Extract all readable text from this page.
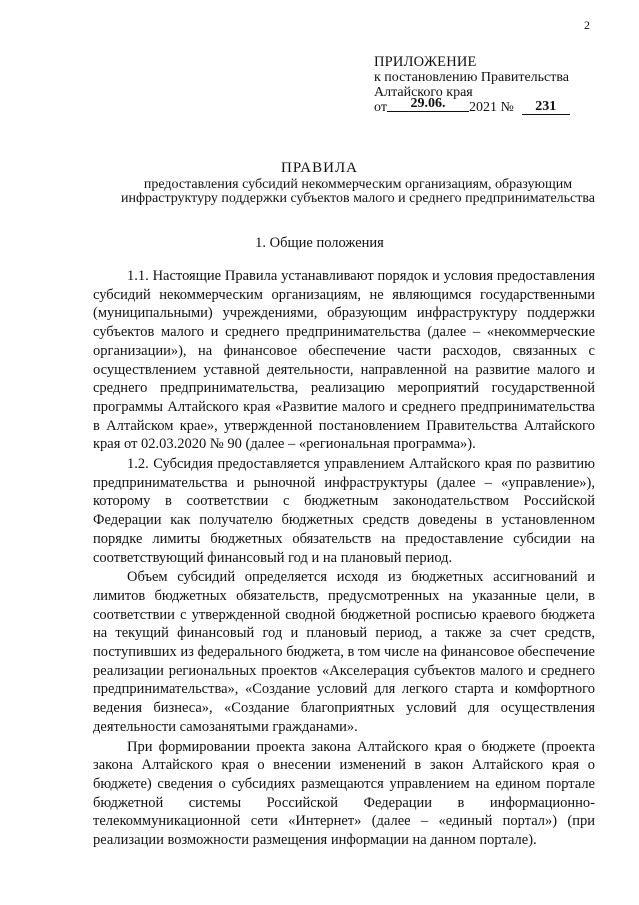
2
ПРИЛОЖЕНИЕ
к постановлению Правительства
Алтайского края
от	29.06.	2021 №	231
ПРАВИЛА
предоставления субсидий некоммерческим организациям, образующим инфраструктуру поддержки субъектов малого и среднего предпринимательства
1. Общие положения

1.1. Настоящие Правила устанавливают порядок и условия предоставления субсидий некоммерческим организациям, не являющимся государственными (муниципальными) учреждениями, образующим инфраструктуру поддержки субъектов малого и среднего предпринимательства (далее – «некоммерческие организации»), на финансовое обеспечение части расходов, связанных с осуществлением уставной деятельности, направленной на развитие малого и среднего предпринимательства, реализацию мероприятий государственной программы Алтайского края «Развитие малого и среднего предпринимательства в Алтайском крае», утвержденной постановлением Правительства Алтайского края от 02.03.2020 № 90 (далее – «региональная программа»).

1.2. Субсидия предоставляется управлением Алтайского края по развитию предпринимательства и рыночной инфраструктуры (далее – «управление»), которому в соответствии с бюджетным законодательством Российской Федерации как получателю бюджетных средств доведены в установленном порядке лимиты бюджетных обязательств на предоставление субсидии на соответствующий финансовый год и на плановый период.

Объем субсидий определяется исходя из бюджетных ассигнований и лимитов бюджетных обязательств, предусмотренных на указанные цели, в соответствии с утвержденной сводной бюджетной росписью краевого бюджета на текущий финансовый год и плановый период, а также за счет средств, поступивших из федерального бюджета, в том числе на финансовое обеспечение реализации региональных проектов «Акселерация субъектов малого и среднего предпринимательства», «Создание условий для легкого старта и комфортного ведения бизнеса», «Создание благоприятных условий для осуществления деятельности самозанятыми гражданами».

При формировании проекта закона Алтайского края о бюджете (проекта закона Алтайского края о внесении изменений в закон Алтайского края о бюджете) сведения о субсидиях размещаются управлением на едином портале бюджетной системы Российской Федерации в информационно-телекоммуникационной сети «Интернет» (далее – «единый портал») (при реализации возможности размещения информации на данном портале).
